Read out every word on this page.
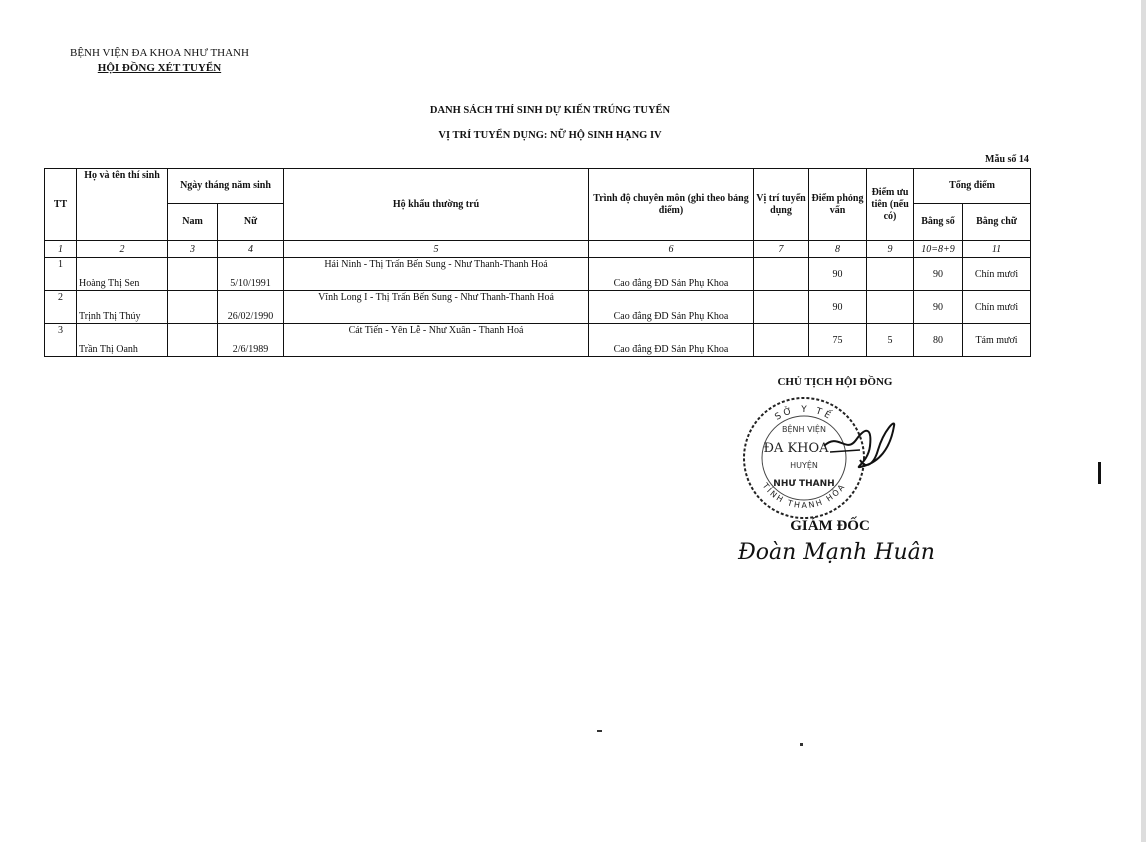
BỆNH VIỆN ĐA KHOA NHƯ THANH
HỘI ĐỒNG XÉT TUYỂN
DANH SÁCH THÍ SINH DỰ KIẾN TRÚNG TUYỂN
VỊ TRÍ TUYỂN DỤNG: NỮ HỘ SINH HẠNG IV
Mẫu số 14
TT	Họ và tên thí sinh	Ngày tháng năm sinh		Hộ khẩu thường trú	Trình độ chuyên môn (ghi theo bảng điểm)	Vị trí tuyển dụng	Điểm phỏng vấn	Điểm ưu tiên (nếu có)	Tổng điểm	
		Nam	Nữ						Bằng số	Bằng chữ
1	2	3	4	5	6	7	8	9	10=8+9	11
1	Hoàng Thị Sen		5/10/1991	Hải Ninh - Thị Trấn Bến Sung - Như Thanh-Thanh Hoá	Cao đẳng ĐD Sản Phụ Khoa		90		90	Chín mươi
2	Trịnh Thị Thúy		26/02/1990	Vĩnh Long I - Thị Trấn Bến Sung - Như Thanh-Thanh Hoá	Cao đẳng ĐD Sản Phụ Khoa		90		90	Chín mươi
3	Trần Thị Oanh		2/6/1989	Cát Tiến - Yên Lễ - Như Xuân - Thanh Hoá	Cao đẳng ĐD Sản Phụ Khoa		75	5	80	Tám mươi
CHỦ TỊCH HỘI ĐỒNG
SỞ Y TẾ
TỈNH THANH HÓA
BỆNH VIỆN
ĐA KHOA
HUYỆN
NHƯ THANH
GIÁM ĐỐC
Đoàn Mạnh Huân
